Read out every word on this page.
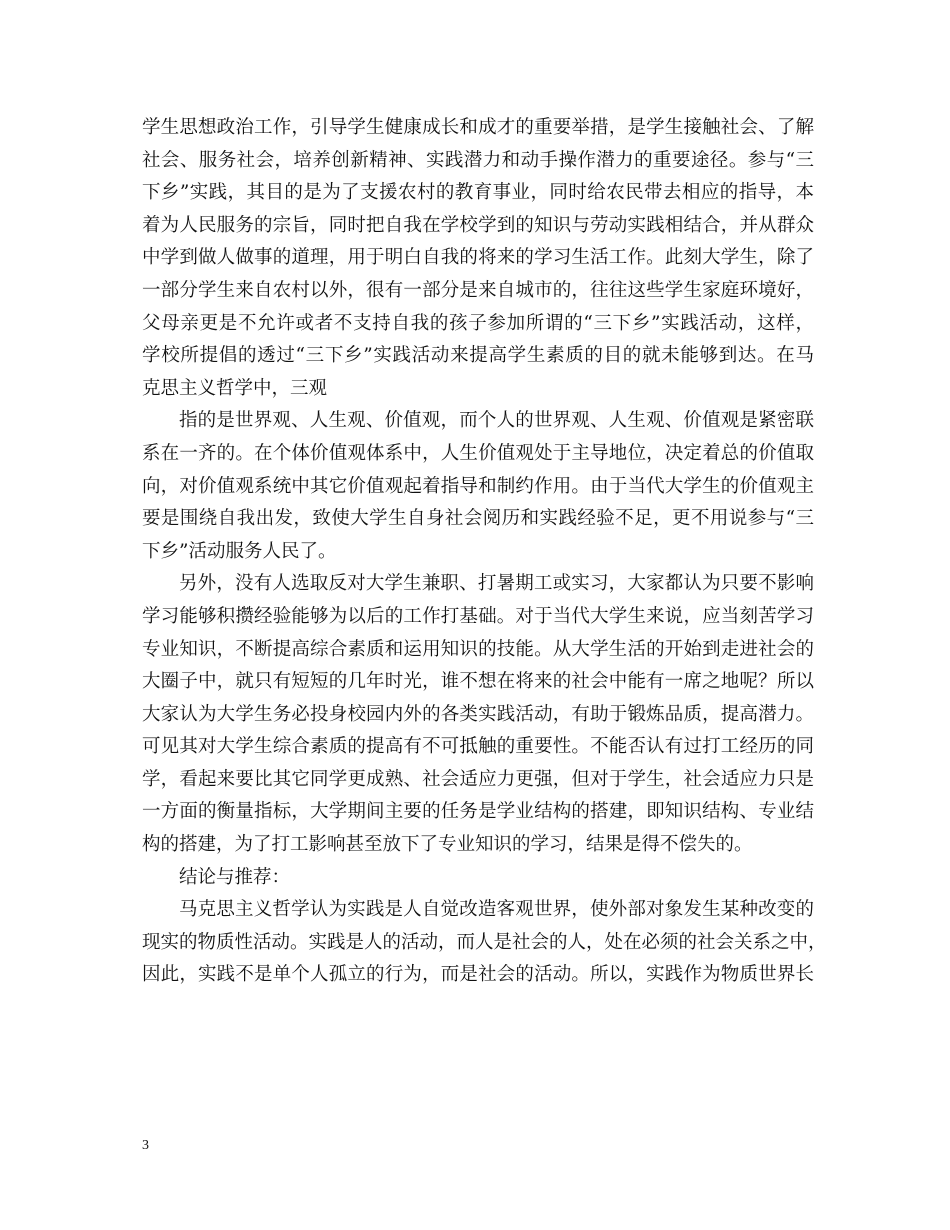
学生思想政治工作，引导学生健康成长和成才的重要举措，是学生接触社会、了解
社会、服务社会，培养创新精神、实践潜力和动手操作潜力的重要途径。参与“三
下乡”实践，其目的是为了支援农村的教育事业，同时给农民带去相应的指导，本
着为人民服务的宗旨，同时把自我在学校学到的知识与劳动实践相结合，并从群众
中学到做人做事的道理，用于明白自我的将来的学习生活工作。此刻大学生，除了
一部分学生来自农村以外，很有一部分是来自城市的，往往这些学生家庭环境好，
父母亲更是不允许或者不支持自我的孩子参加所谓的“三下乡”实践活动，这样，
学校所提倡的透过“三下乡”实践活动来提高学生素质的目的就未能够到达。在马
克思主义哲学中，三观
指的是世界观、人生观、价值观，而个人的世界观、人生观、价值观是紧密联
系在一齐的。在个体价值观体系中，人生价值观处于主导地位，决定着总的价值取
向，对价值观系统中其它价值观起着指导和制约作用。由于当代大学生的价值观主
要是围绕自我出发，致使大学生自身社会阅历和实践经验不足，更不用说参与“三
下乡”活动服务人民了。
另外，没有人选取反对大学生兼职、打暑期工或实习，大家都认为只要不影响
学习能够积攒经验能够为以后的工作打基础。对于当代大学生来说，应当刻苦学习
专业知识，不断提高综合素质和运用知识的技能。从大学生活的开始到走进社会的
大圈子中，就只有短短的几年时光，谁不想在将来的社会中能有一席之地呢？所以
大家认为大学生务必投身校园内外的各类实践活动，有助于锻炼品质，提高潜力。
可见其对大学生综合素质的提高有不可抵触的重要性。不能否认有过打工经历的同
学，看起来要比其它同学更成熟、社会适应力更强，但对于学生，社会适应力只是
一方面的衡量指标，大学期间主要的任务是学业结构的搭建，即知识结构、专业结
构的搭建，为了打工影响甚至放下了专业知识的学习，结果是得不偿失的。
结论与推荐：
马克思主义哲学认为实践是人自觉改造客观世界，使外部对象发生某种改变的
现实的物质性活动。实践是人的活动，而人是社会的人，处在必须的社会关系之中，
因此，实践不是单个人孤立的行为，而是社会的活动。所以，实践作为物质世界长
3
